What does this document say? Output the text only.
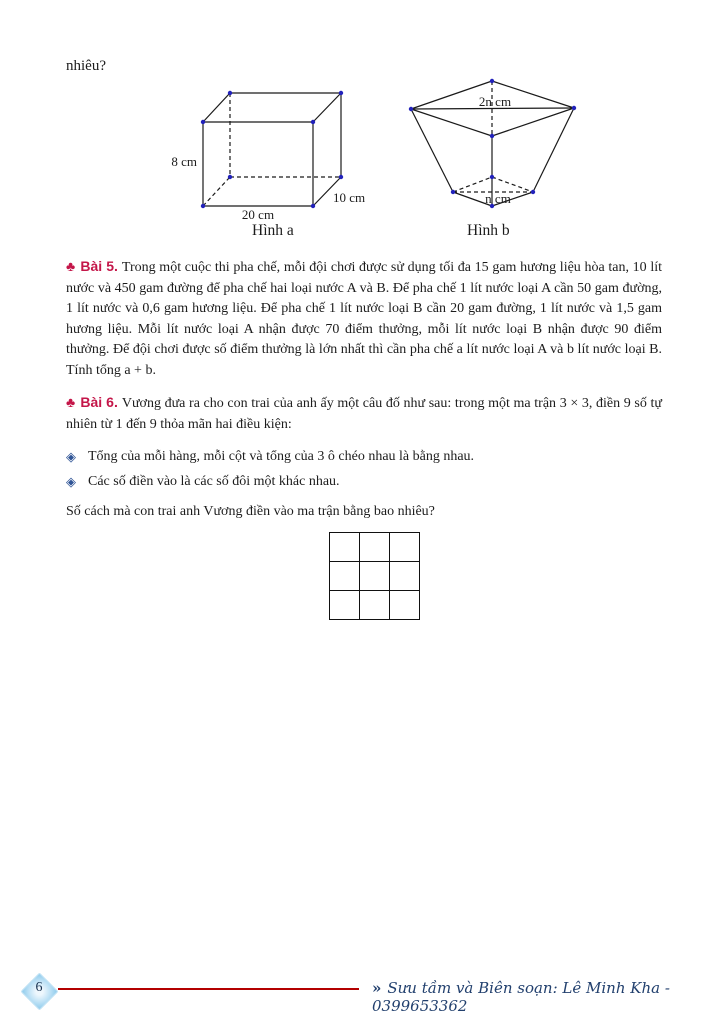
nhiêu?
8 cm
20 cm
10 cm
Hình a
2n cm
n cm
Hình b

♣ Bài 5. Trong một cuộc thi pha chế, mỗi đội chơi được sử dụng tối đa 15 gam hương liệu hòa tan, 10 lít nước và 450 gam đường để pha chế hai loại nước A và B. Để pha chế 1 lít nước loại A cần 50 gam đường, 1 lít nước và 0,6 gam hương liệu. Để pha chế 1 lít nước loại B cần 20 gam đường, 1 lít nước và 1,5 gam hương liệu. Mỗi lít nước loại A nhận được 70 điểm thưởng, mỗi lít nước loại B nhận được 90 điểm thưởng. Để đội chơi được số điểm thưởng là lớn nhất thì cần pha chế a lít nước loại A và b lít nước loại B. Tính tổng a + b.

♣ Bài 6. Vương đưa ra cho con trai của anh ấy một câu đố như sau: trong một ma trận 3 × 3, điền 9 số tự nhiên từ 1 đến 9 thỏa mãn hai điều kiện:

◈ Tổng của mỗi hàng, mỗi cột và tổng của 3 ô chéo nhau là bằng nhau.
◈ Các số điền vào là các số đôi một khác nhau.

Số cách mà con trai anh Vương điền vào ma trận bằng bao nhiêu?

6	» Sưu tầm và Biên soạn: Lê Minh Kha - 0399653362
